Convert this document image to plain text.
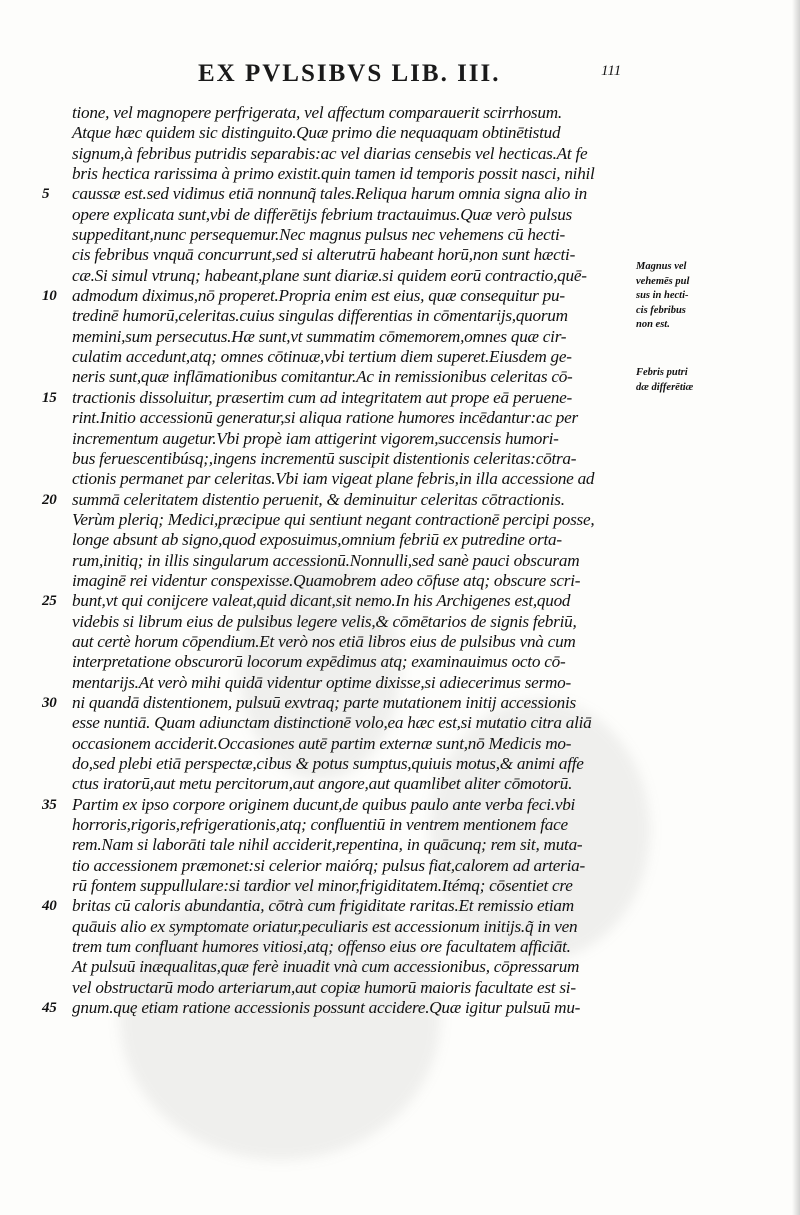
EX PVLSIBVS LIB. III.	111
tione, vel magnopere perfrigerata, vel affectum comparauerit scirrhosum.
Atque hæc quidem sic distinguito.Quæ primo die nequaquam obtinētistud
signum,à febribus putridis separabis:ac vel diarias censebis vel hecticas.At fe
bris hectica rarissima à primo existit.quin tamen id temporis possit nasci, nihil
5 caussæ est.sed vidimus etiā nonnunq̃ tales.Reliqua harum omnia signa alio in
opere explicata sunt,vbi de differētijs febrium tractauimus.Quæ verò pulsus
suppeditant,nunc persequemur.Nec magnus pulsus nec vehemens cū hecti-
cis febribus vnquā concurrunt,sed si alterutrū habeant horū,non sunt hæcti-
cæ.Si simul vtrunq; habeant,plane sunt diariæ.si quidem eorū contractio,quē-
10 admodum diximus,nō properet.Propria enim est eius, quæ consequitur pu-
tredinē humorū,celeritas.cuius singulas differentias in cōmentarijs,quorum
memini,sum persecutus.Hæ sunt,vt summatim cōmemorem,omnes quæ cir-
culatim accedunt,atq; omnes cōtinuæ,vbi tertium diem superet.Eiusdem ge-
neris sunt,quæ inflāmationibus comitantur.Ac in remissionibus celeritas cō-
15 tractionis dissoluitur, præsertim cum ad integritatem aut prope eā peruene-
rint.Initio accessionū generatur,si aliqua ratione humores incēdantur:ac per
incrementum augetur.Vbi propè iam attigerint vigorem,succensis humori-
bus feruescentibúsq;,ingens incrementū suscipit distentionis celeritas:cōtra-
ctionis permanet par celeritas.Vbi iam vigeat plane febris,in illa accessione ad
20 summā celeritatem distentio peruenit, & deminuitur celeritas cōtractionis.
Verùm pleriq; Medici,præcipue qui sentiunt negant contractionē percipi posse,
longe absunt ab signo,quod exposuimus,omnium febriū ex putredine orta-
rum,initiq; in illis singularum accessionū.Nonnulli,sed sanè pauci obscuram
imaginē rei videntur conspexisse.Quamobrem adeo cōfuse atq; obscure scri-
25 bunt,vt qui conijcere valeat,quid dicant,sit nemo.In his Archigenes est,quod
videbis si librum eius de pulsibus legere velis,& cōmētarios de signis febriū,
aut certè horum cōpendium.Et verò nos etiā libros eius de pulsibus vnà cum
interpretatione obscurorū locorum expēdimus atq; examinauimus octo cō-
mentarijs.At verò mihi quidā videntur optime dixisse,si adiecerimus sermo-
30 ni quandā distentionem, pulsuū exvtraq; parte mutationem initij accessionis
esse nuntiā. Quam adiunctam distinctionē volo,ea hæc est,si mutatio citra aliā
occasionem acciderit.Occasiones autē partim externæ sunt,nō Medicis mo-
do,sed plebi etiā perspectæ,cibus & potus sumptus,quiuis motus,& animi affe
ctus iratorū,aut metu percitorum,aut angore,aut quamlibet aliter cōmotorū.
35 Partim ex ipso corpore originem ducunt,de quibus paulo ante verba feci.vbi
horroris,rigoris,refrigerationis,atq; confluentiū in ventrem mentionem face
rem.Nam si laborāti tale nihil acciderit,repentina, in quācunq; rem sit, muta-
tio accessionem præmonet:si celerior maiórq; pulsus fiat,calorem ad arteria-
rū fontem suppullulare:si tardior vel minor,frigiditatem.Itémq; cōsentiet cre
40 britas cū caloris abundantia, cōtrà cum frigiditate raritas.Et remissio etiam
quāuis alio ex symptomate oriatur,peculiaris est accessionum initijs.q̃ in ven
trem tum confluant humores vitiosi,atq; offenso eius ore facultatem afficiāt.
At pulsuū inæqualitas,quæ ferè inuadit vnà cum accessionibus, cōpressarum
vel obstructarū modo arteriarum,aut copiæ humorū maioris facultate est si-
45 gnum.quę etiam ratione accessionis possunt accidere.Quæ igitur pulsuū mu-
Magnus vel
vehemēs pul
sus in hecti-
cis febribus
non est.
Febris putri
dæ differētiæ
